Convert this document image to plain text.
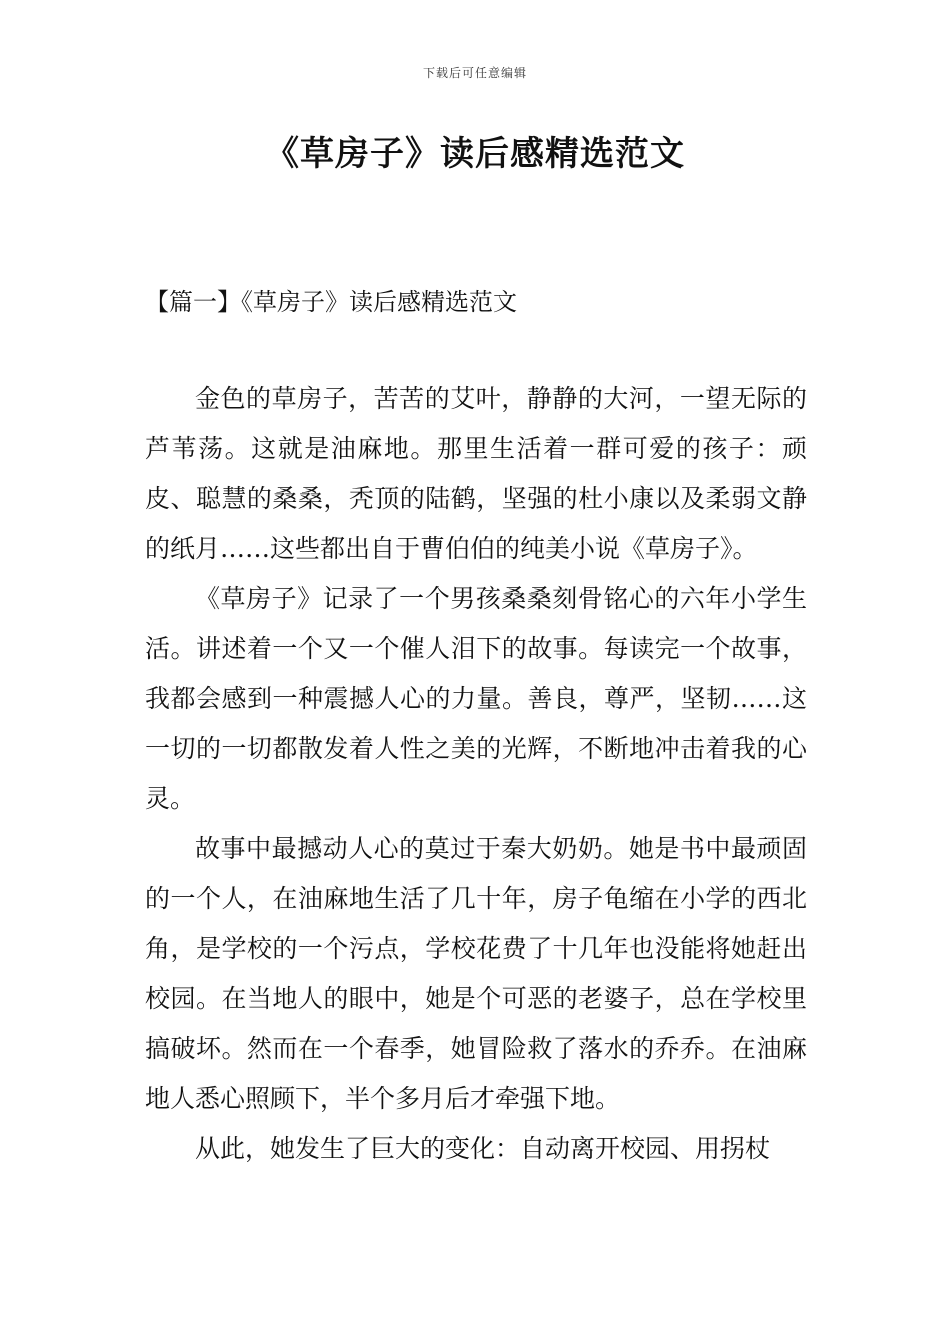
下载后可任意编辑
《草房子》读后感精选范文
【篇一】《草房子》读后感精选范文

金色的草房子，苦苦的艾叶，静静的大河，一望无际的芦苇荡。这就是油麻地。那里生活着一群可爱的孩子：顽皮、聪慧的桑桑，秃顶的陆鹤，坚强的杜小康以及柔弱文静的纸月……这些都出自于曹伯伯的纯美小说《草房子》。

《草房子》记录了一个男孩桑桑刻骨铭心的六年小学生活。讲述着一个又一个催人泪下的故事。每读完一个故事，我都会感到一种震撼人心的力量。善良，尊严，坚韧……这一切的一切都散发着人性之美的光辉，不断地冲击着我的心灵。

故事中最撼动人心的莫过于秦大奶奶。她是书中最顽固的一个人，在油麻地生活了几十年，房子龟缩在小学的西北角，是学校的一个污点，学校花费了十几年也没能将她赶出校园。在当地人的眼中，她是个可恶的老婆子，总在学校里搞破坏。然而在一个春季，她冒险救了落水的乔乔。在油麻地人悉心照顾下，半个多月后才牵强下地。

从此，她发生了巨大的变化：自动离开校园、用拐杖
